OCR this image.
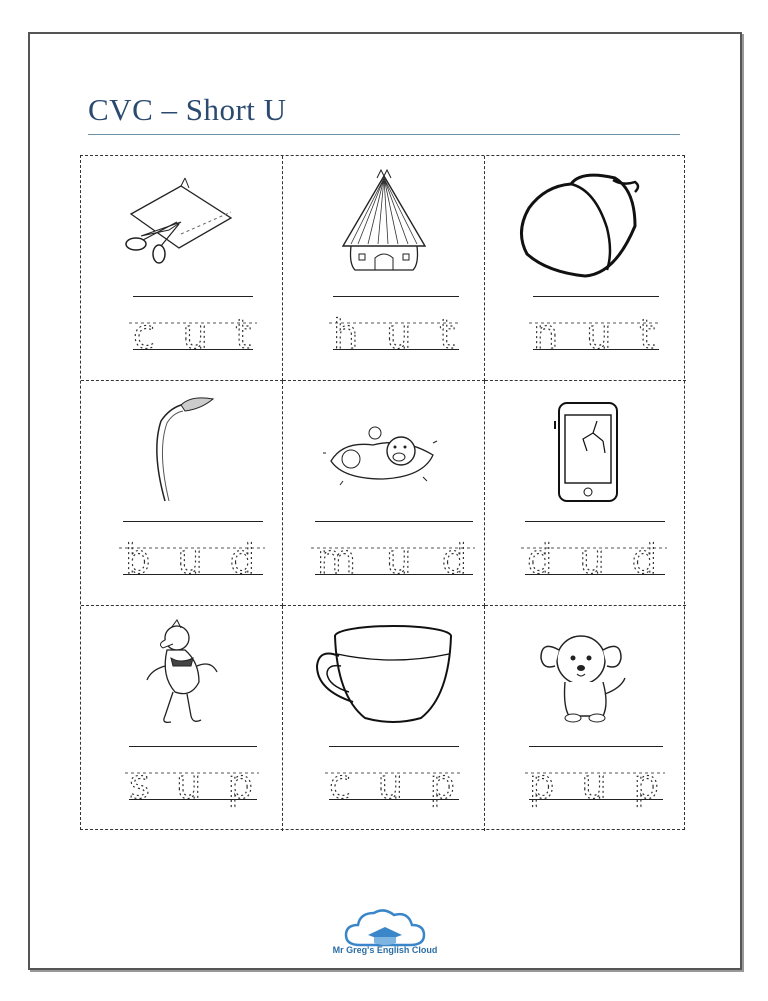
CVC – Short U
cut hut nut
bud mud dud
sup cup pup
Mr Greg's English Cloud
